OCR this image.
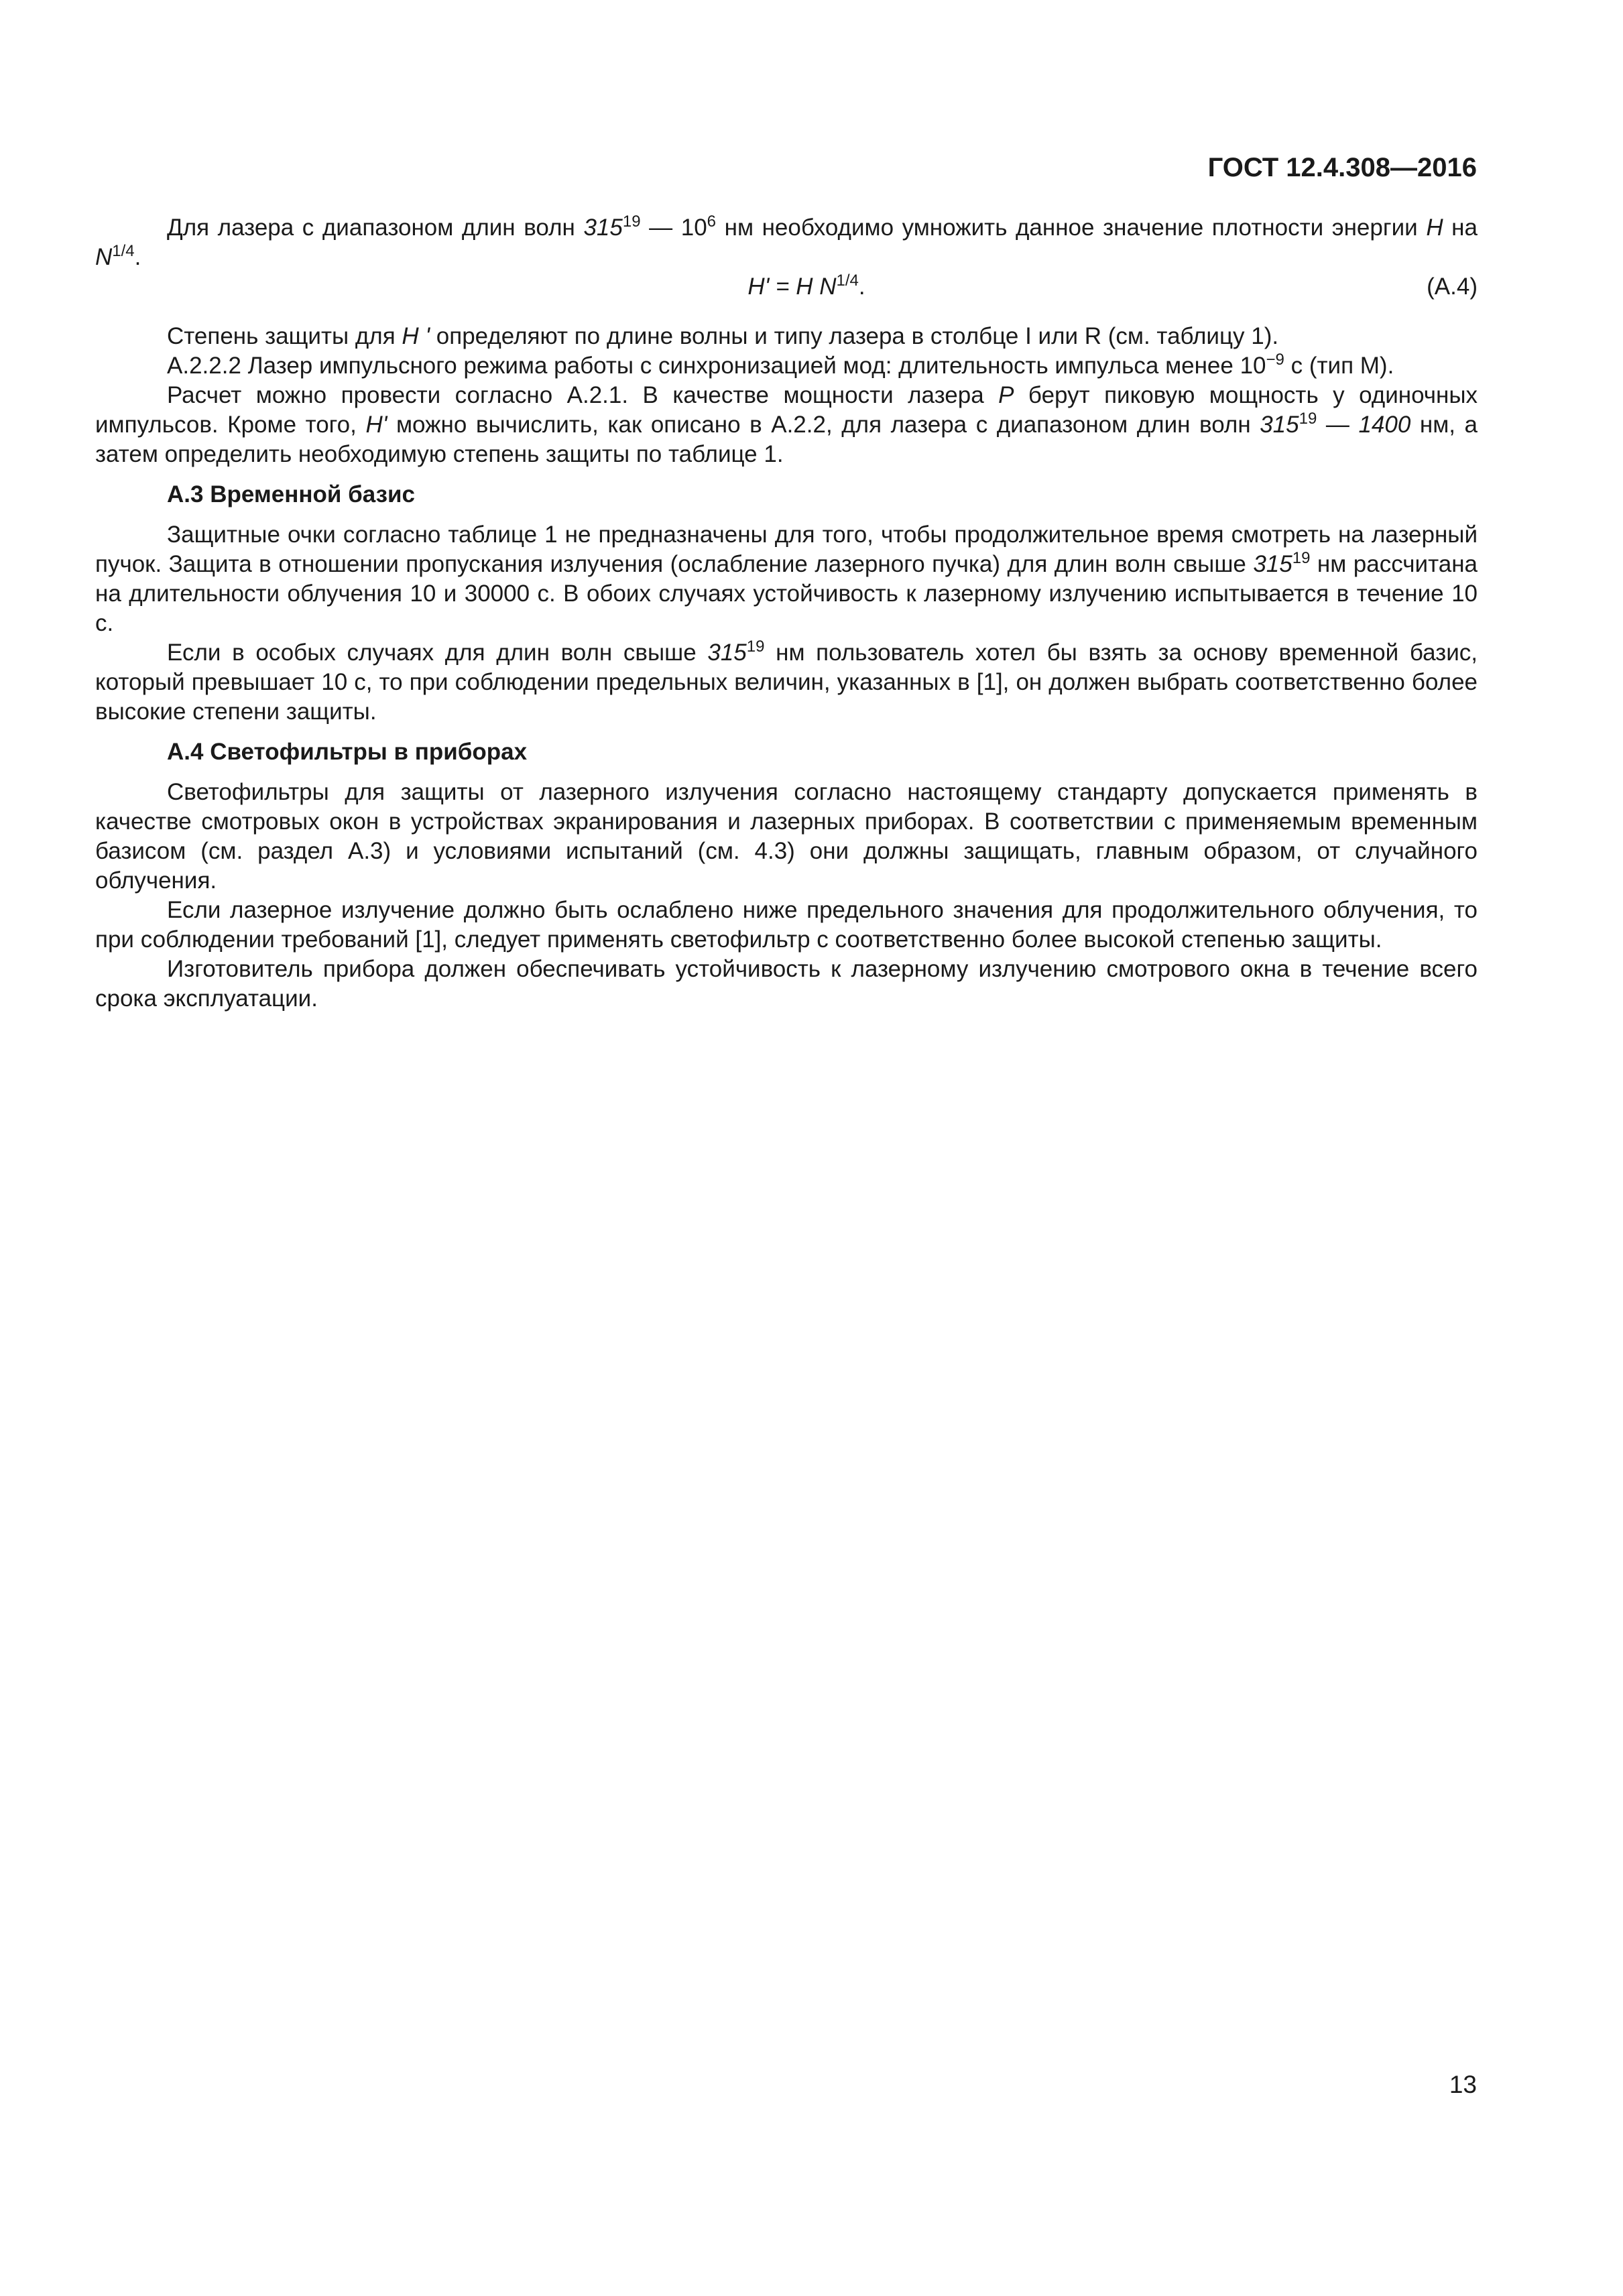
ГОСТ 12.4.308—2016

Для лазера с диапазоном длин волн $315^{19}$ — $10^6$ нм необходимо умножить данное значение плотности энергии H на $N^{1/4}$.

H' = H $N^{1/4}$.	(А.4)

Степень защиты для H ' определяют по длине волны и типу лазера в столбце I или R (см. таблицу 1).

А.2.2.2 Лазер импульсного режима работы с синхронизацией мод: длительность импульса менее $10^{-9}$ с (тип М).

Расчет можно провести согласно А.2.1. В качестве мощности лазера P берут пиковую мощность у одиночных импульсов. Кроме того, H' можно вычислить, как описано в А.2.2, для лазера с диапазоном длин волн $315^{19}$ — 1400 нм, а затем определить необходимую степень защиты по таблице 1.

А.3 Временной базис

Защитные очки согласно таблице 1 не предназначены для того, чтобы продолжительное время смотреть на лазерный пучок. Защита в отношении пропускания излучения (ослабление лазерного пучка) для длин волн свыше $315^{19}$ нм рассчитана на длительности облучения 10 и 30000 с. В обоих случаях устойчивость к лазерному излучению испытывается в течение 10 с.

Если в особых случаях для длин волн свыше $315^{19}$ нм пользователь хотел бы взять за основу временной базис, который превышает 10 с, то при соблюдении предельных величин, указанных в [1], он должен выбрать соответственно более высокие степени защиты.

А.4 Светофильтры в приборах

Светофильтры для защиты от лазерного излучения согласно настоящему стандарту допускается применять в качестве смотровых окон в устройствах экранирования и лазерных приборах. В соответствии с применяемым временным базисом (см. раздел А.3) и условиями испытаний (см. 4.3) они должны защищать, главным образом, от случайного облучения.

Если лазерное излучение должно быть ослаблено ниже предельного значения для продолжительного облучения, то при соблюдении требований [1], следует применять светофильтр с соответственно более высокой степенью защиты.

Изготовитель прибора должен обеспечивать устойчивость к лазерному излучению смотрового окна в течение всего срока эксплуатации.

13
